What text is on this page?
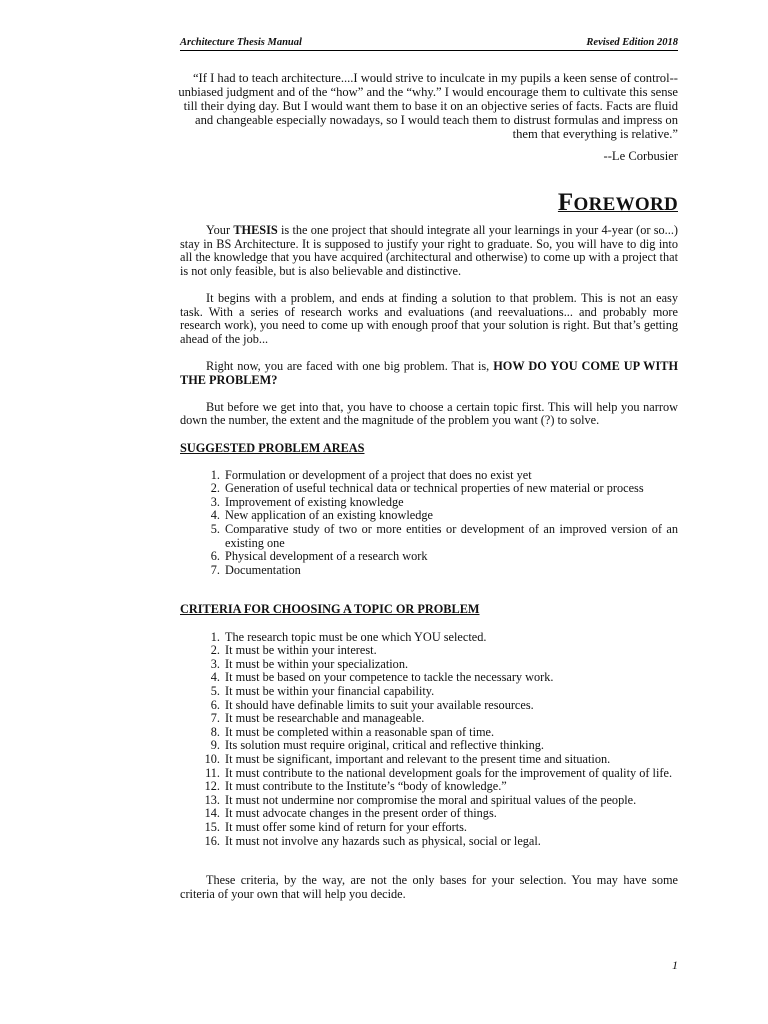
Architecture Thesis Manual	Revised Edition 2018
“If I had to teach architecture....I would strive to inculcate in my pupils a keen sense of control--unbiased judgment and of the “how” and the “why.” I would encourage them to cultivate this sense till their dying day. But I would want them to base it on an objective series of facts. Facts are fluid and changeable especially nowadays, so I would teach them to distrust formulas and impress on them that everything is relative.”
--Le Corbusier
FOREWORD

Your THESIS is the one project that should integrate all your learnings in your 4-year (or so...) stay in BS Architecture. It is supposed to justify your right to graduate. So, you will have to dig into all the knowledge that you have acquired (architectural and otherwise) to come up with a project that is not only feasible, but is also believable and distinctive.

It begins with a problem, and ends at finding a solution to that problem. This is not an easy task. With a series of research works and evaluations (and reevaluations... and probably more research work), you need to come up with enough proof that your solution is right. But that’s getting ahead of the job...

Right now, you are faced with one big problem. That is, HOW DO YOU COME UP WITH THE PROBLEM?

But before we get into that, you have to choose a certain topic first. This will help you narrow down the number, the extent and the magnitude of the problem you want (?) to solve.

SUGGESTED PROBLEM AREAS
1. Formulation or development of a project that does no exist yet
2. Generation of useful technical data or technical properties of new material or process
3. Improvement of existing knowledge
4. New application of an existing knowledge
5. Comparative study of two or more entities or development of an improved version of an existing one
6. Physical development of a research work
7. Documentation
CRITERIA FOR CHOOSING A TOPIC OR PROBLEM
1. The research topic must be one which YOU selected.
2. It must be within your interest.
3. It must be within your specialization.
4. It must be based on your competence to tackle the necessary work.
5. It must be within your financial capability.
6. It should have definable limits to suit your available resources.
7. It must be researchable and manageable.
8. It must be completed within a reasonable span of time.
9. Its solution must require original, critical and reflective thinking.
10. It must be significant, important and relevant to the present time and situation.
11. It must contribute to the national development goals for the improvement of quality of life.
12. It must contribute to the Institute’s “body of knowledge.”
13. It must not undermine nor compromise the moral and spiritual values of the people.
14. It must advocate changes in the present order of things.
15. It must offer some kind of return for your efforts.
16. It must not involve any hazards such as physical, social or legal.

These criteria, by the way, are not the only bases for your selection. You may have some criteria of your own that will help you decide.

1
